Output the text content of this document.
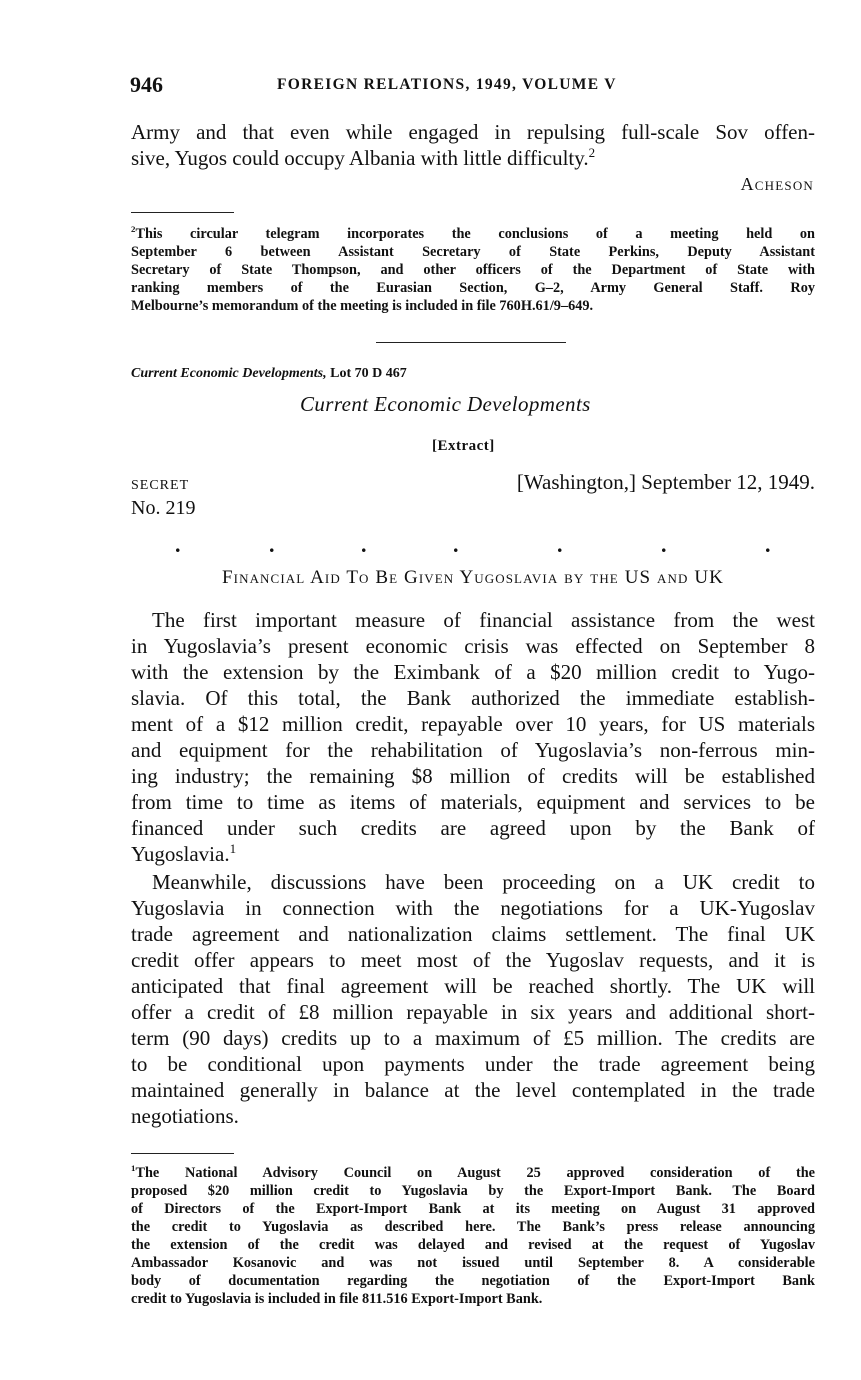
946	FOREIGN RELATIONS, 1949, VOLUME V
Army and that even while engaged in repulsing full-scale Sov offen-
sive, Yugos could occupy Albania with little difficulty.$^2$
Acheson
$^2$This circular telegram incorporates the conclusions of a meeting held on
September 6 between Assistant Secretary of State Perkins, Deputy Assistant
Secretary of State Thompson, and other officers of the Department of State with
ranking members of the Eurasian Section, G–2, Army General Staff. Roy
Melbourne’s memorandum of the meeting is included in file 760H.61/9–649.
Current Economic Developments, Lot 70 D 467
Current Economic Developments
[Extract]
SECRET	[Washington,] September 12, 1949.
No. 219
.	.	.	.	.	.	.
Financial Aid To Be Given Yugoslavia by the US and UK
The first important measure of financial assistance from the west
in Yugoslavia’s present economic crisis was effected on September 8
with the extension by the Eximbank of a $20 million credit to Yugo-
slavia. Of this total, the Bank authorized the immediate establish-
ment of a $12 million credit, repayable over 10 years, for US materials
and equipment for the rehabilitation of Yugoslavia’s non-ferrous min-
ing industry; the remaining $8 million of credits will be established
from time to time as items of materials, equipment and services to be
financed under such credits are agreed upon by the Bank of
Yugoslavia.$^1$
Meanwhile, discussions have been proceeding on a UK credit to
Yugoslavia in connection with the negotiations for a UK-Yugoslav
trade agreement and nationalization claims settlement. The final UK
credit offer appears to meet most of the Yugoslav requests, and it is
anticipated that final agreement will be reached shortly. The UK will
offer a credit of £8 million repayable in six years and additional short-
term (90 days) credits up to a maximum of £5 million. The credits are
to be conditional upon payments under the trade agreement being
maintained generally in balance at the level contemplated in the trade
negotiations.
$^1$The National Advisory Council on August 25 approved consideration of the
proposed $20 million credit to Yugoslavia by the Export-Import Bank. The Board
of Directors of the Export-Import Bank at its meeting on August 31 approved
the credit to Yugoslavia as described here. The Bank’s press release announcing
the extension of the credit was delayed and revised at the request of Yugoslav
Ambassador Kosanovic and was not issued until September 8. A considerable
body of documentation regarding the negotiation of the Export-Import Bank
credit to Yugoslavia is included in file 811.516 Export-Import Bank.
